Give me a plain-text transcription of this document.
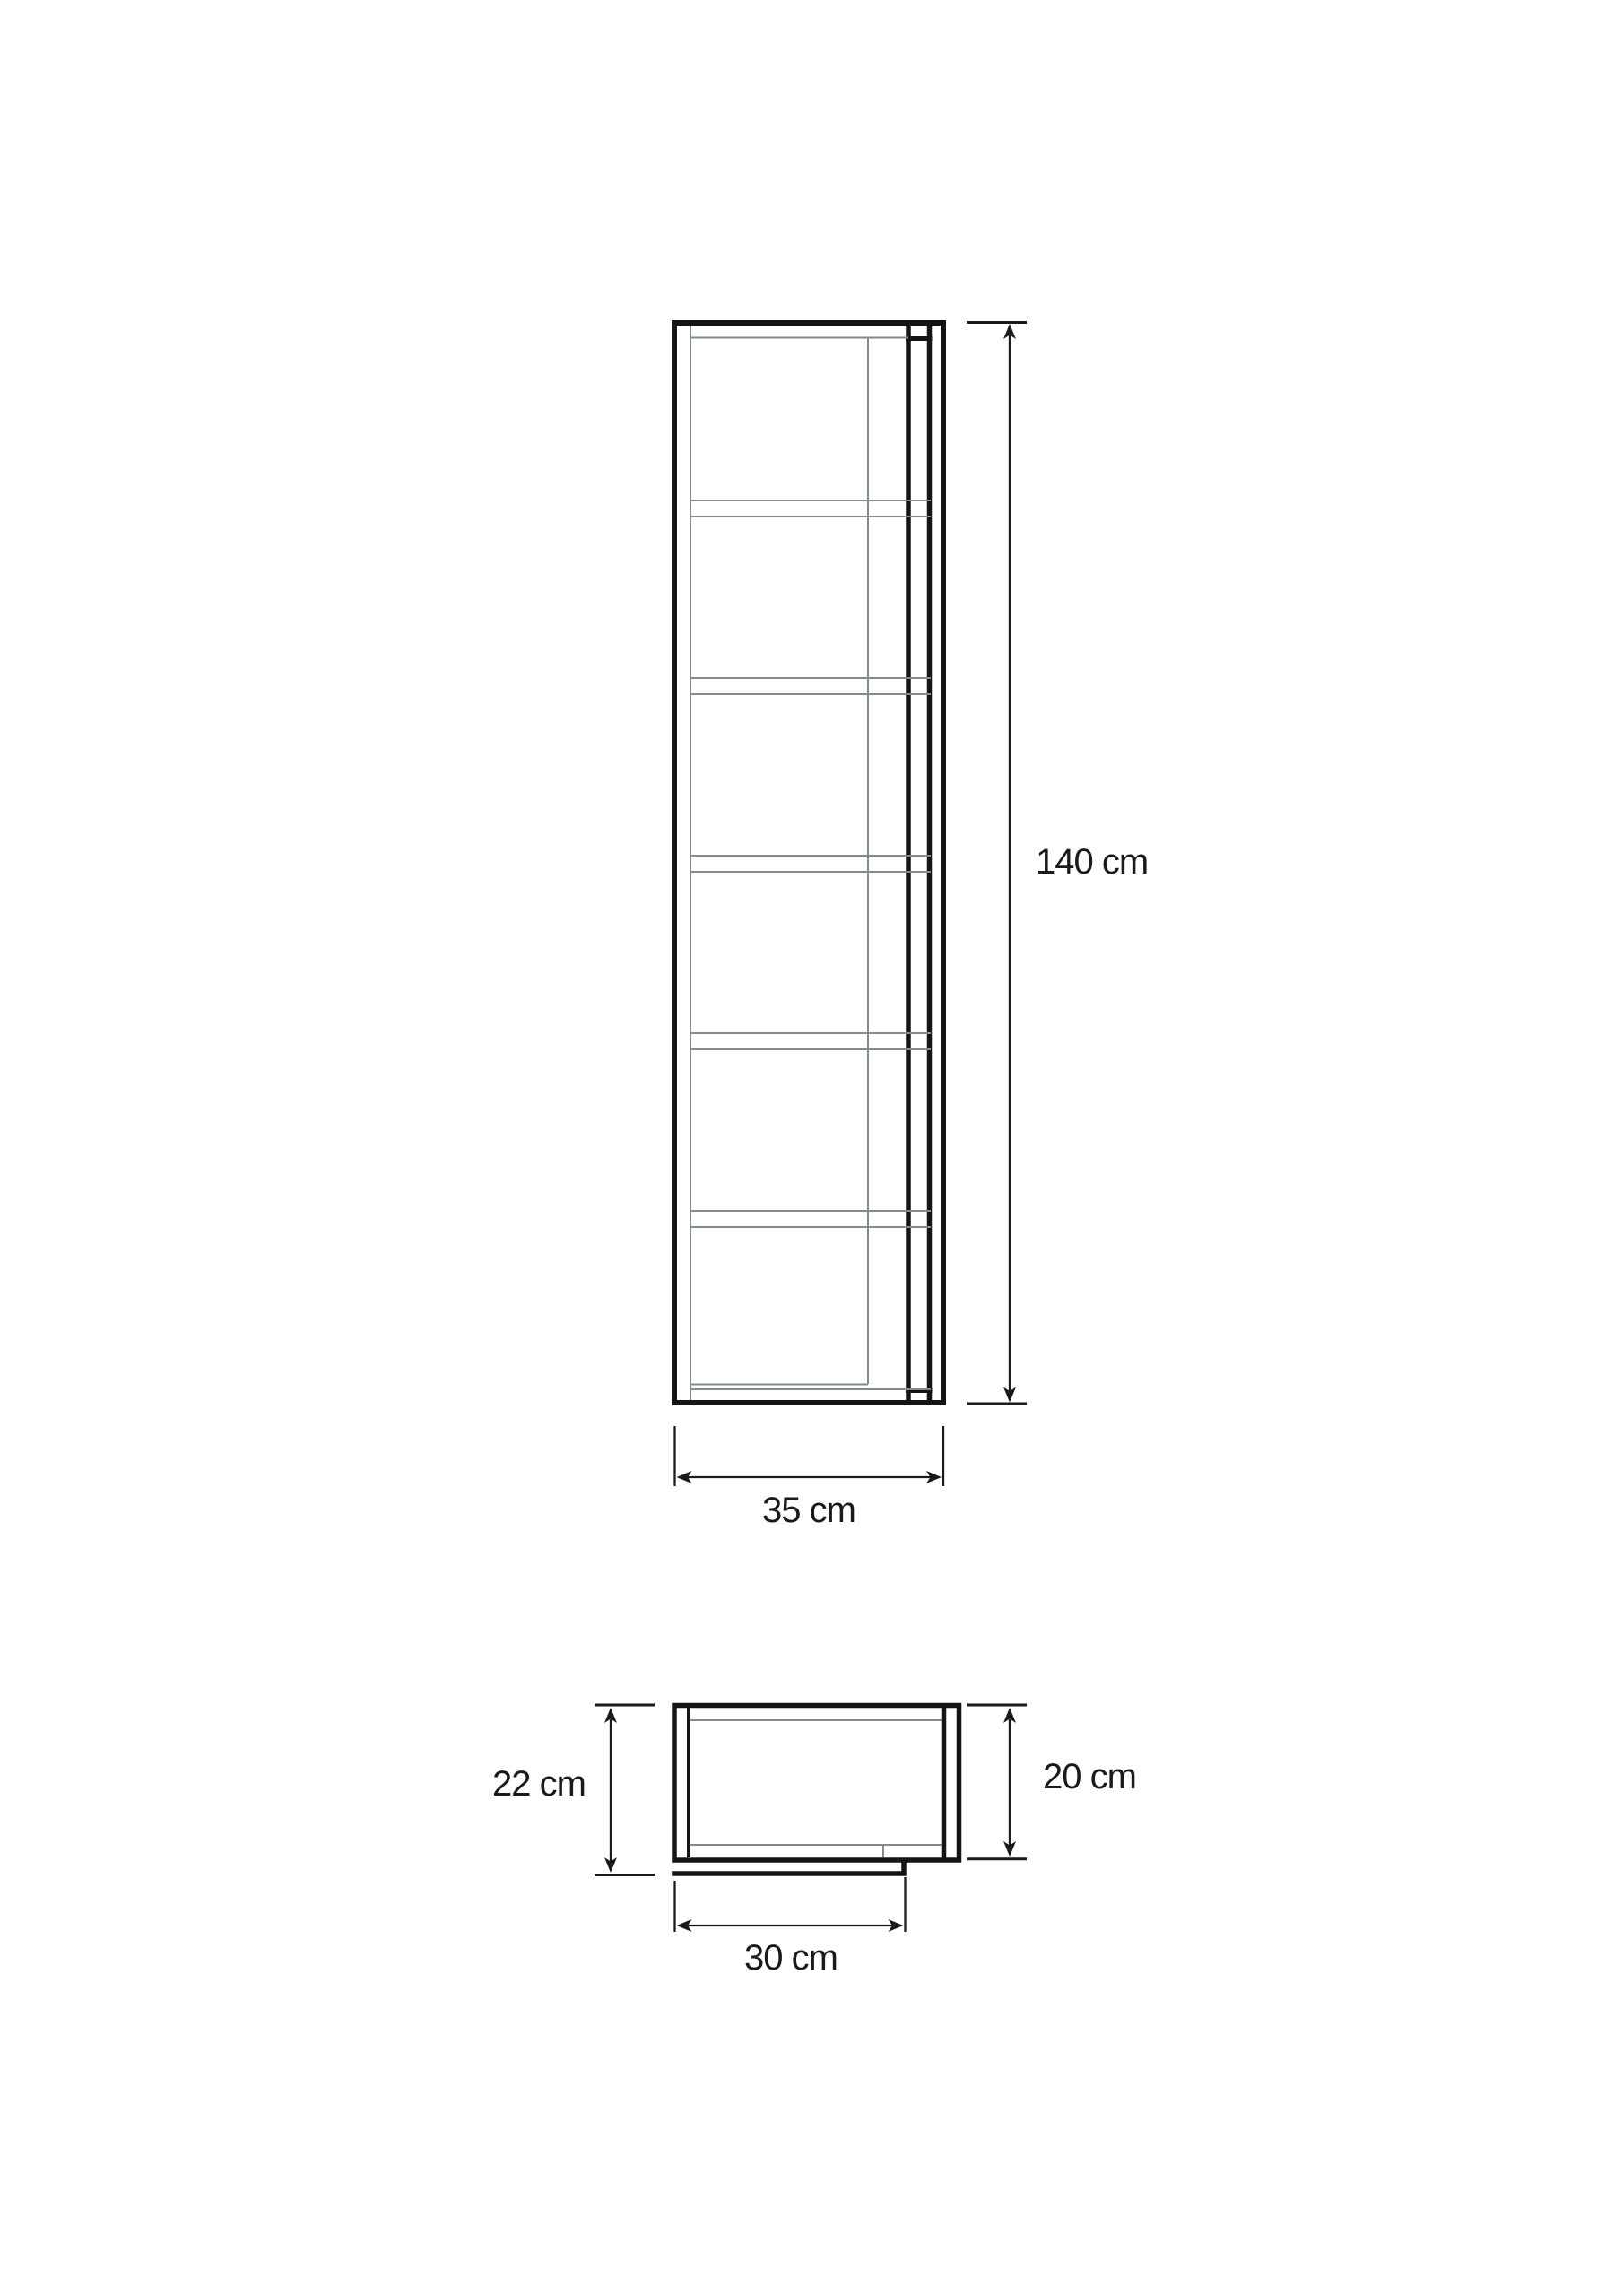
140 cm
35 cm
22 cm	20 cm
30 cm
